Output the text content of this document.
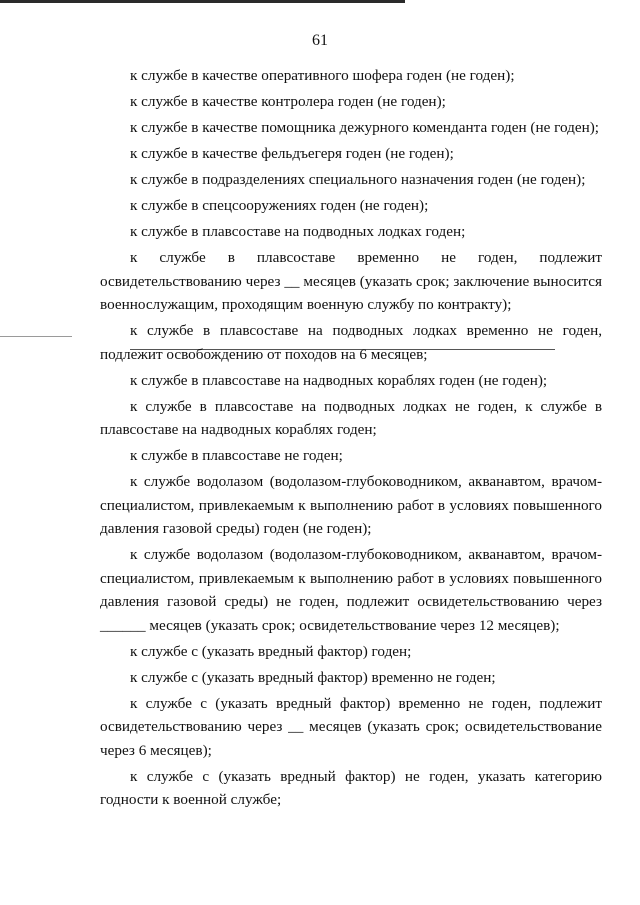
61

к службе в качестве оперативного шофера годен (не годен);

к службе в качестве контролера годен (не годен);

к службе в качестве помощника дежурного коменданта годен (не годен);

к службе в качестве фельдъегеря годен (не годен);

к службе в подразделениях специального назначения годен (не годен);

к службе в спецсооружениях годен (не годен);

к службе в плавсоставе на подводных лодках годен;

к службе в плавсоставе временно не годен, подлежит освидетельствованию через __ месяцев (указать срок; заключение выносится военнослужащим, проходящим военную службу по контракту);

к службе в плавсоставе на подводных лодках временно не годен, подлежит освобождению от походов на 6 месяцев;

к службе в плавсоставе на надводных кораблях годен (не годен);

к службе в плавсоставе на подводных лодках не годен, к службе в плавсоставе на надводных кораблях годен;

к службе в плавсоставе не годен;

к службе водолазом (водолазом-глубоководником, акванавтом, врачом-специалистом, привлекаемым к выполнению работ в условиях повышенного давления газовой среды) годен (не годен);

к службе водолазом (водолазом-глубоководником, акванавтом, врачом-специалистом, привлекаемым к выполнению работ в условиях повышенного давления газовой среды) не годен, подлежит освидетельствованию через ______ месяцев (указать срок; освидетельствование через 12 месяцев);

к службе с (указать вредный фактор) годен;

к службе с (указать вредный фактор) временно не годен;

к службе с (указать вредный фактор) временно не годен, подлежит освидетельствованию через __ месяцев (указать срок; освидетельствование через 6 месяцев);

к службе с (указать вредный фактор) не годен, указать категорию годности к военной службе;
